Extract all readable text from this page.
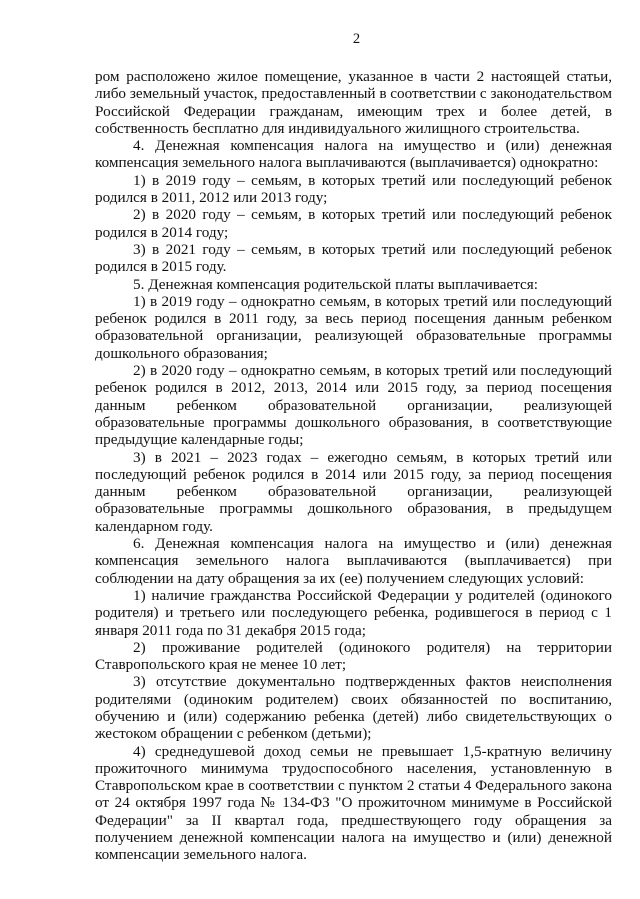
2

ром расположено жилое помещение, указанное в части 2 настоящей статьи, либо земельный участок, предоставленный в соответствии с законодательством Российской Федерации гражданам, имеющим трех и более детей, в собственность бесплатно для индивидуального жилищного строительства.

4. Денежная компенсация налога на имущество и (или) денежная компенсация земельного налога выплачиваются (выплачивается) однократно:

1) в 2019 году – семьям, в которых третий или последующий ребенок родился в 2011, 2012 или 2013 году;

2) в 2020 году – семьям, в которых третий или последующий ребенок родился в 2014 году;

3) в 2021 году – семьям, в которых третий или последующий ребенок родился в 2015 году.

5. Денежная компенсация родительской платы выплачивается:

1) в 2019 году – однократно семьям, в которых третий или последующий ребенок родился в 2011 году, за весь период посещения данным ребенком образовательной организации, реализующей образовательные программы дошкольного образования;

2) в 2020 году – однократно семьям, в которых третий или последующий ребенок родился в 2012, 2013, 2014 или 2015 году, за период посещения данным ребенком образовательной организации, реализующей образовательные программы дошкольного образования, в соответствующие предыдущие календарные годы;

3) в 2021 – 2023 годах – ежегодно семьям, в которых третий или последующий ребенок родился в 2014 или 2015 году, за период посещения данным ребенком образовательной организации, реализующей образовательные программы дошкольного образования, в предыдущем календарном году.

6. Денежная компенсация налога на имущество и (или) денежная компенсация земельного налога выплачиваются (выплачивается) при соблюдении на дату обращения за их (ее) получением следующих условий:

1) наличие гражданства Российской Федерации у родителей (одинокого родителя) и третьего или последующего ребенка, родившегося в период с 1 января 2011 года по 31 декабря 2015 года;

2) проживание родителей (одинокого родителя) на территории Ставропольского края не менее 10 лет;

3) отсутствие документально подтвержденных фактов неисполнения родителями (одиноким родителем) своих обязанностей по воспитанию, обучению и (или) содержанию ребенка (детей) либо свидетельствующих о жестоком обращении с ребенком (детьми);

4) среднедушевой доход семьи не превышает 1,5-кратную величину прожиточного минимума трудоспособного населения, установленную в Ставропольском крае в соответствии с пунктом 2 статьи 4 Федерального закона от 24 октября 1997 года № 134-ФЗ "О прожиточном минимуме в Российской Федерации" за II квартал года, предшествующего году обращения за получением денежной компенсации налога на имущество и (или) денежной компенсации земельного налога.
